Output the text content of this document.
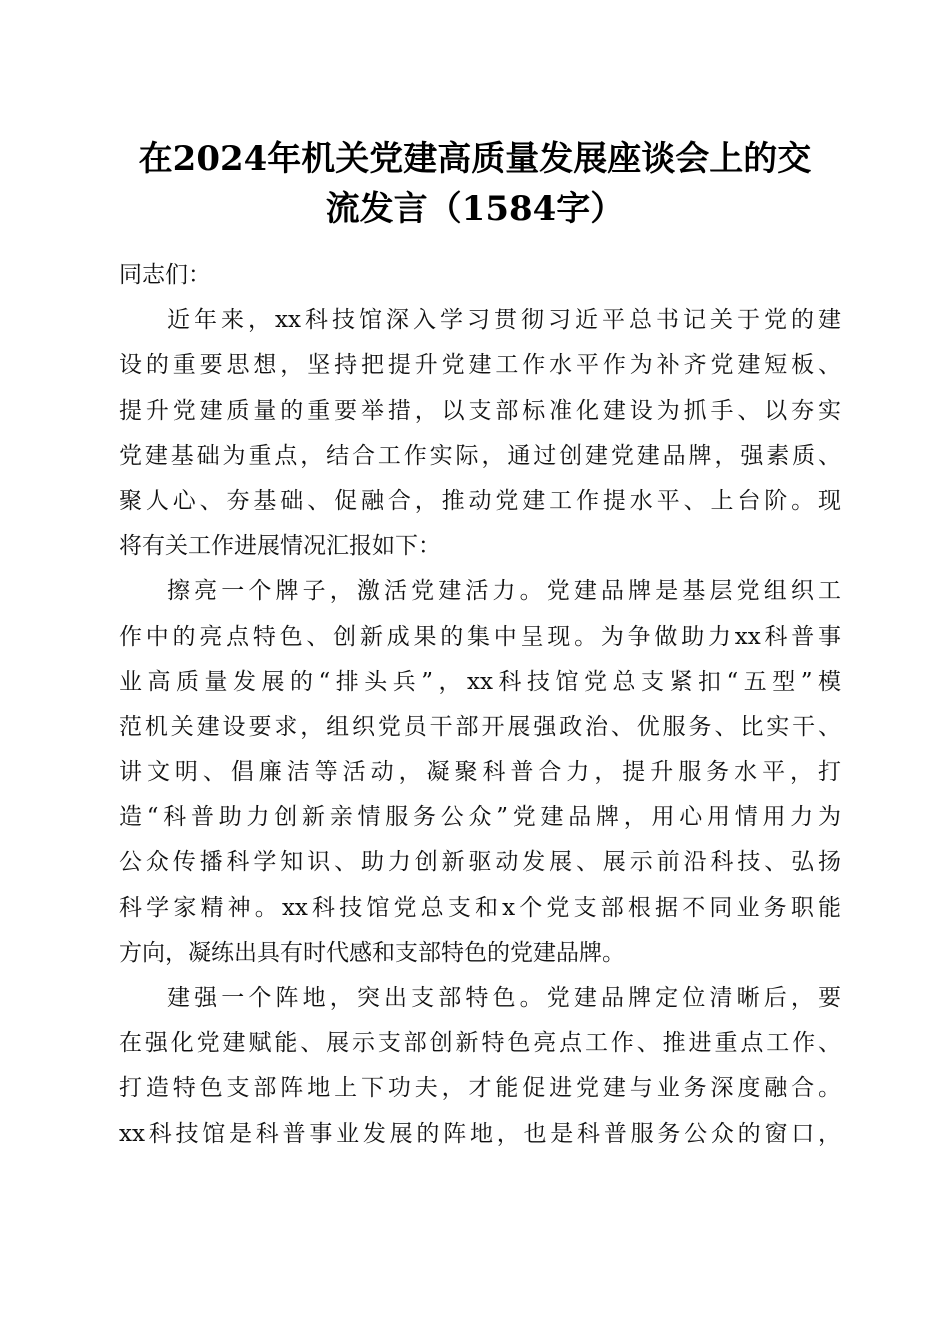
在2024年机关党建高质量发展座谈会上的交
流发言（1584字）
同志们：
近年来，xx科技馆深入学习贯彻习近平总书记关于党的建
设的重要思想，坚持把提升党建工作水平作为补齐党建短板、
提升党建质量的重要举措，以支部标准化建设为抓手、以夯实
党建基础为重点，结合工作实际，通过创建党建品牌，强素质、
聚人心、夯基础、促融合，推动党建工作提水平、上台阶。现
将有关工作进展情况汇报如下：
擦亮一个牌子，激活党建活力。党建品牌是基层党组织工
作中的亮点特色、创新成果的集中呈现。为争做助力xx科普事
业高质量发展的“排头兵”，xx科技馆党总支紧扣“五型”模
范机关建设要求，组织党员干部开展强政治、优服务、比实干、
讲文明、倡廉洁等活动，凝聚科普合力，提升服务水平，打
造“科普助力创新亲情服务公众”党建品牌，用心用情用力为
公众传播科学知识、助力创新驱动发展、展示前沿科技、弘扬
科学家精神。xx科技馆党总支和x个党支部根据不同业务职能
方向，凝练出具有时代感和支部特色的党建品牌。
建强一个阵地，突出支部特色。党建品牌定位清晰后，要
在强化党建赋能、展示支部创新特色亮点工作、推进重点工作、
打造特色支部阵地上下功夫，才能促进党建与业务深度融合。
xx科技馆是科普事业发展的阵地，也是科普服务公众的窗口，
